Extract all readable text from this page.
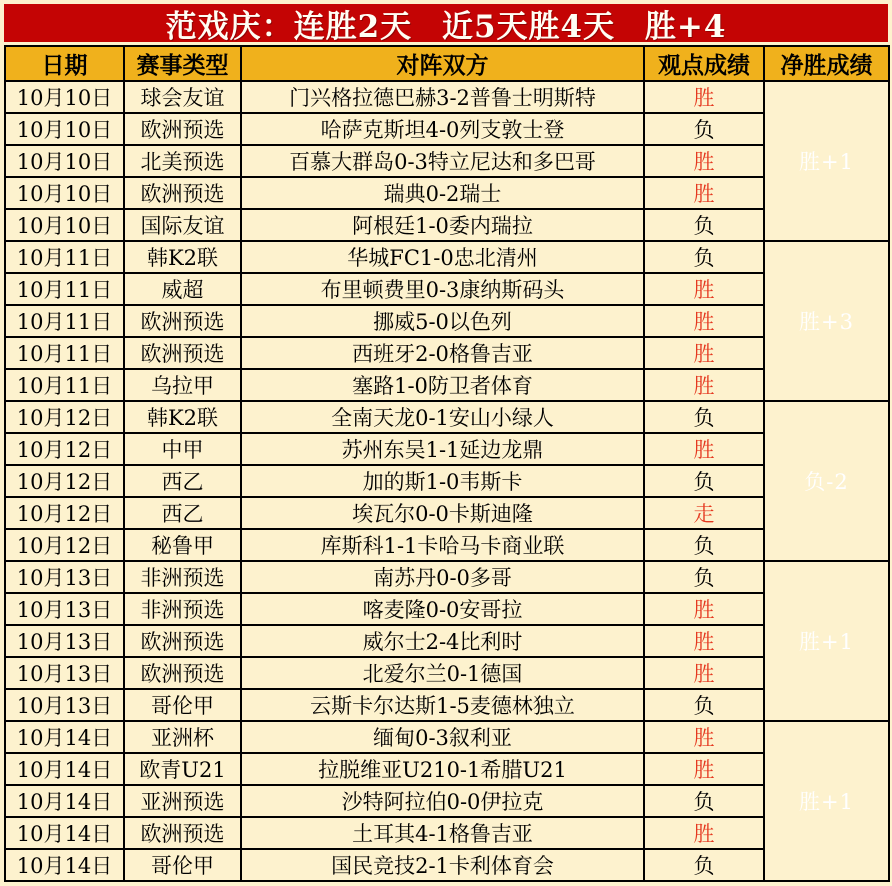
范戏庆：连胜2天 近5天胜4天 胜+4
日期	赛事类型	对阵双方	观点成绩	净胜成绩
10月10日	球会友谊	门兴格拉德巴赫3-2普鲁士明斯特	胜	胜+1
10月10日	欧洲预选	哈萨克斯坦4-0列支敦士登	负	
10月10日	北美预选	百慕大群岛0-3特立尼达和多巴哥	胜	
10月10日	欧洲预选	瑞典0-2瑞士	胜	
10月10日	国际友谊	阿根廷1-0委内瑞拉	负	
10月11日	韩K2联	华城FC1-0忠北清州	负	胜+3
10月11日	威超	布里顿费里0-3康纳斯码头	胜	
10月11日	欧洲预选	挪威5-0以色列	胜	
10月11日	欧洲预选	西班牙2-0格鲁吉亚	胜	
10月11日	乌拉甲	塞路1-0防卫者体育	胜	
10月12日	韩K2联	全南天龙0-1安山小绿人	负	负-2
10月12日	中甲	苏州东吴1-1延边龙鼎	胜	
10月12日	西乙	加的斯1-0韦斯卡	负	
10月12日	西乙	埃瓦尔0-0卡斯迪隆	走	
10月12日	秘鲁甲	库斯科1-1卡哈马卡商业联	负	
10月13日	非洲预选	南苏丹0-0多哥	负	胜+1
10月13日	非洲预选	喀麦隆0-0安哥拉	胜	
10月13日	欧洲预选	威尔士2-4比利时	胜	
10月13日	欧洲预选	北爱尔兰0-1德国	胜	
10月13日	哥伦甲	云斯卡尔达斯1-5麦德林独立	负	
10月14日	亚洲杯	缅甸0-3叙利亚	胜	胜+1
10月14日	欧青U21	拉脱维亚U210-1希腊U21	胜	
10月14日	亚洲预选	沙特阿拉伯0-0伊拉克	负	
10月14日	欧洲预选	土耳其4-1格鲁吉亚	胜	
10月14日	哥伦甲	国民竞技2-1卡利体育会	负	
